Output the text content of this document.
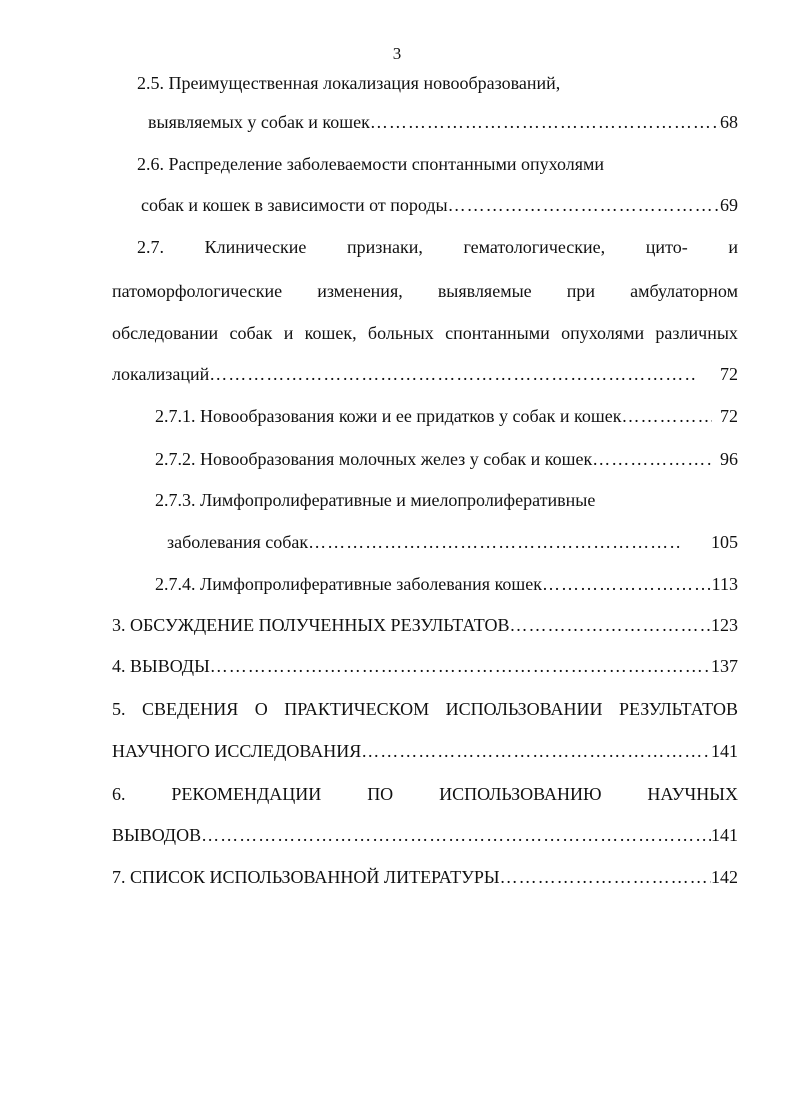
3
2.5. Преимущественная локализация новообразований,
выявляемых у собак и кошек ……………………………………………………………………………………………………………………………………………………	68
2.6. Распределение заболеваемости спонтанными опухолями
собак и кошек в зависимости от породы ……………………………………………………………………………………………………………………………………………………	69
2.7. Клинические признаки, гематологические, цито- и
патоморфологические изменения, выявляемые при амбулаторном
обследовании собак и кошек, больных спонтанными опухолями различных
локализаций ……………………………………………………………………………………………………………………………………………………	72
2.7.1. Новообразования кожи и ее придатков у собак и кошек ……………………………………………………………………………………………………………………………………………………	72
2.7.2. Новообразования молочных желез у собак и кошек ……………………………………………………………………………………………………………………………………………………	96
2.7.3. Лимфопролиферативные и миелопролиферативные
заболевания собак ……………………………………………………………………………………………………………………………………………………	105
2.7.4. Лимфопролиферативные заболевания кошек ……………………………………………………………………………………………………………………………………………………	113
3. ОБСУЖДЕНИЕ ПОЛУЧЕННЫХ РЕЗУЛЬТАТОВ ……………………………………………………………………………………………………………………………………………………	123
4. ВЫВОДЫ ……………………………………………………………………………………………………………………………………………………	137
5. СВЕДЕНИЯ О ПРАКТИЧЕСКОМ ИСПОЛЬЗОВАНИИ РЕЗУЛЬТАТОВ
НАУЧНОГО ИССЛЕДОВАНИЯ ……………………………………………………………………………………………………………………………………………………	141
6.	РЕКОМЕНДАЦИИ	ПО	ИСПОЛЬЗОВАНИЮ	НАУЧНЫХ
ВЫВОДОВ ……………………………………………………………………………………………………………………………………………………	141
7. СПИСОК ИСПОЛЬЗОВАННОЙ ЛИТЕРАТУРЫ ……………………………………………………………………………………………………………………………………………………	142
